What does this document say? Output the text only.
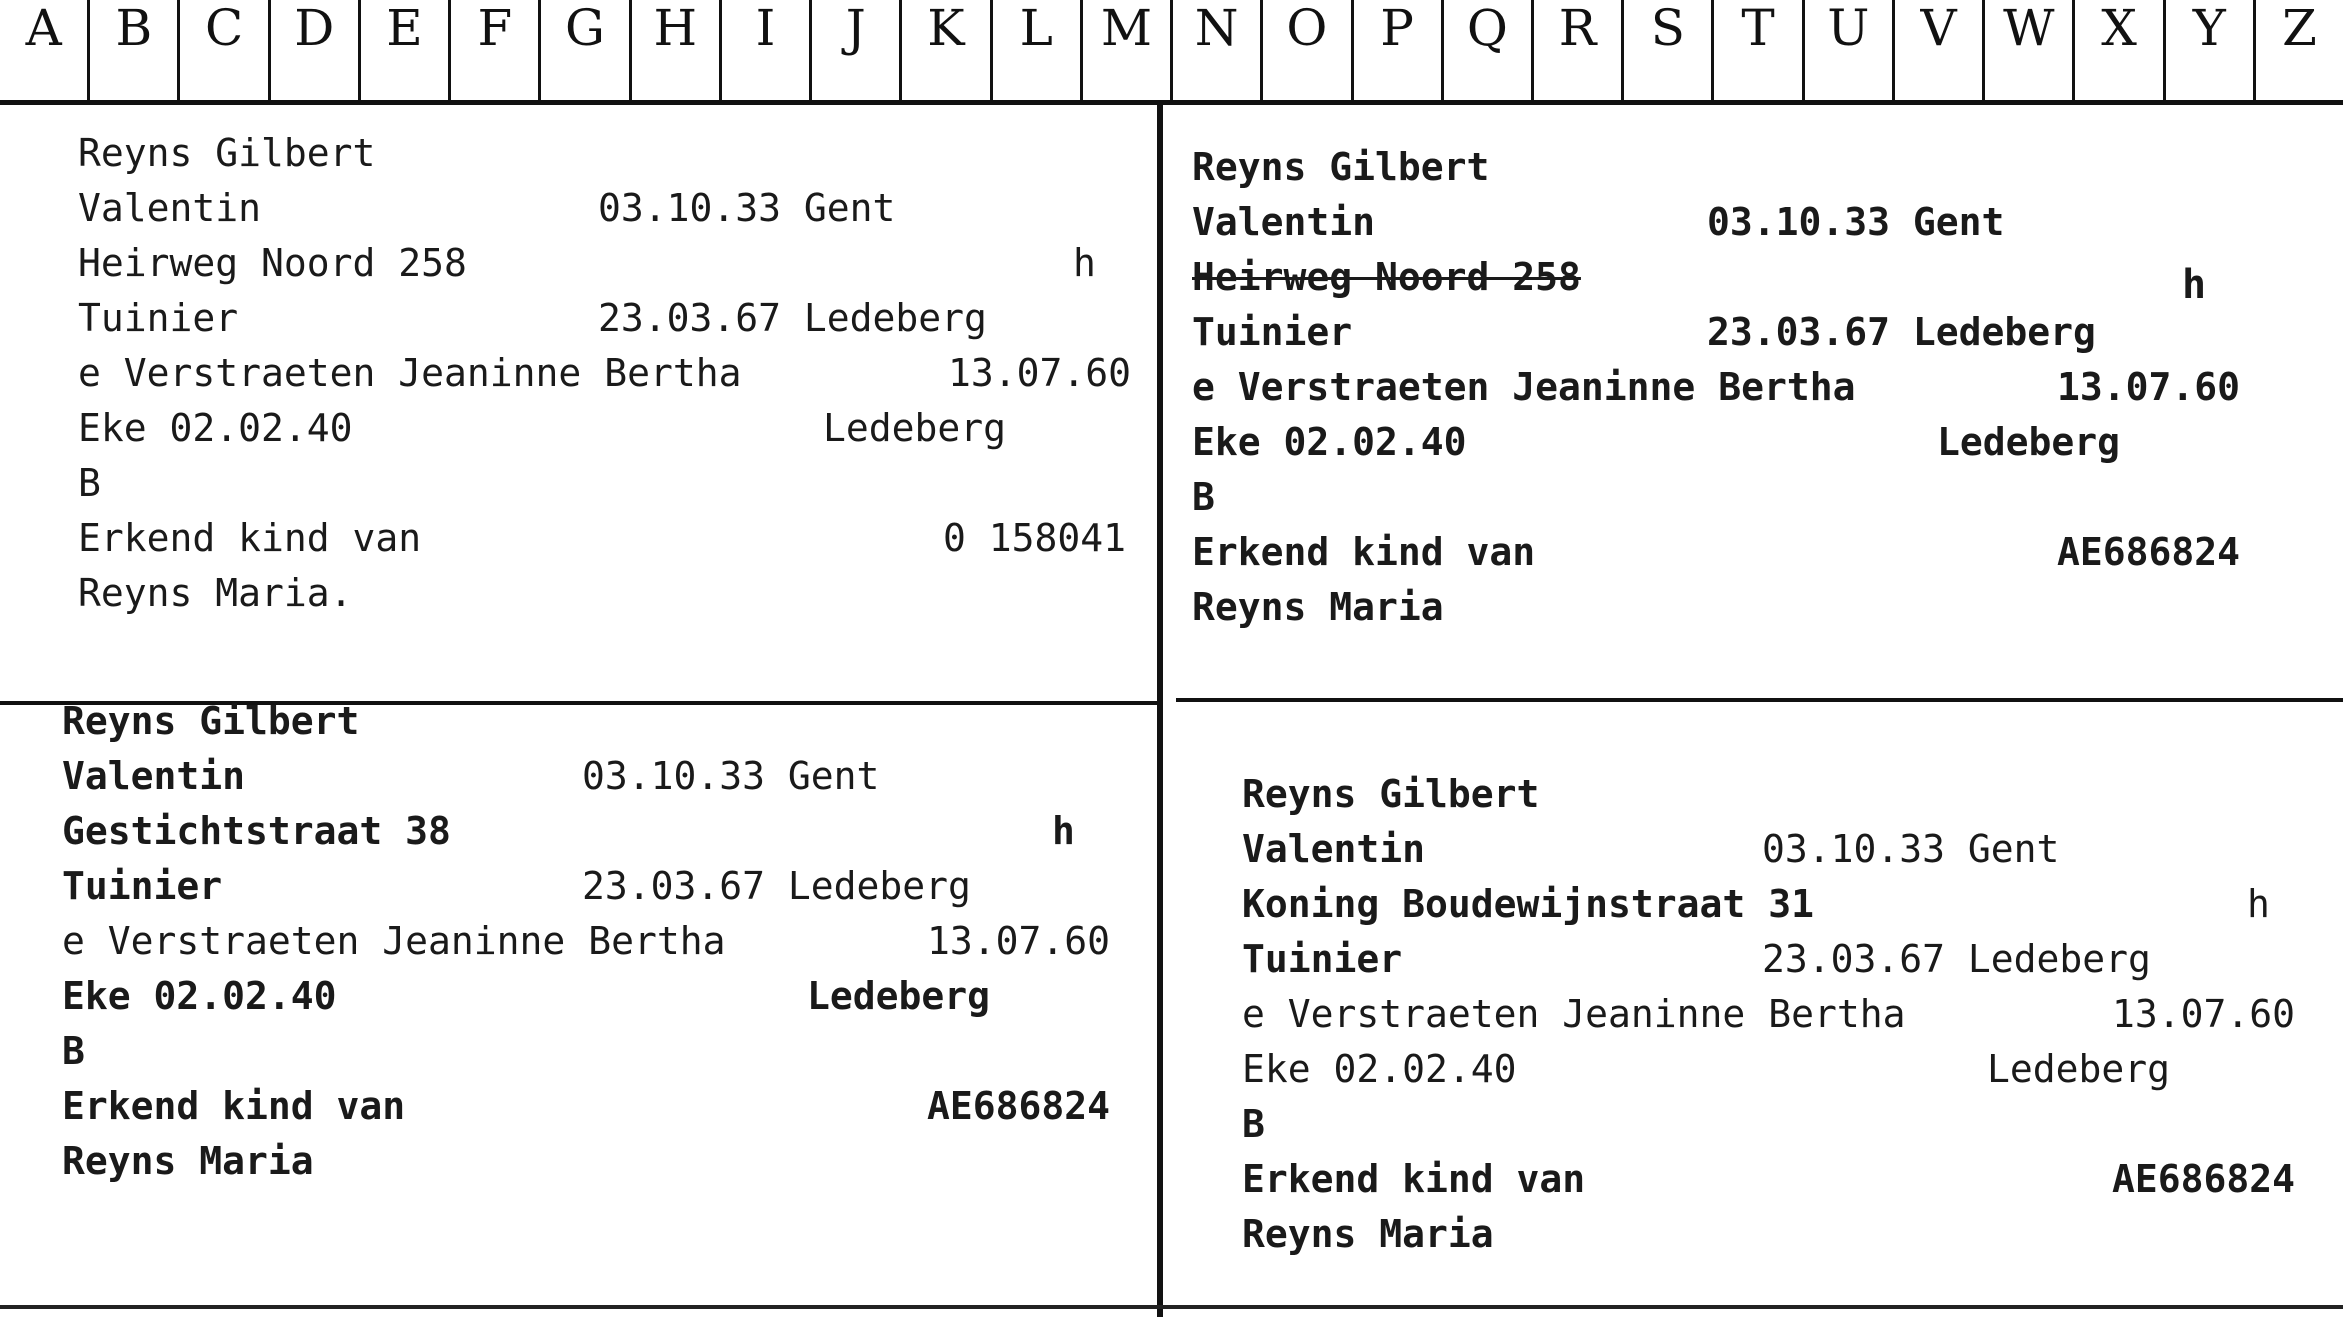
A	B	C	D	E	F	G H	I	J	K	L M N O	P	Q	R	S	T	U	V W X	Y	Z
Reyns Gilbert
Valentin	03.10.33 Gent
Heirweg Noord 258	h
Tuinier	23.03.67 Ledeberg
e Verstraeten Jeaninne Bertha	13.07.60
Eke 02.02.40	Ledeberg
B
Erkend kind van	0 158041
Reyns Maria.
Reyns Gilbert
Valentin	03.10.33 Gent
Heirweg Noord 258	h
Tuinier	23.03.67 Ledeberg
e Verstraeten Jeaninne Bertha	13.07.60
Eke 02.02.40	Ledeberg
B
Erkend kind van	AE686824
Reyns Maria
Reyns Gilbert
Valentin	03.10.33 Gent
Gestichtstraat 38	h
Tuinier	23.03.67 Ledeberg
e Verstraeten Jeaninne Bertha	13.07.60
Eke 02.02.40	Ledeberg
B
Erkend kind van	AE686824
Reyns Maria
Reyns Gilbert
Valentin	03.10.33 Gent
Koning Boudewijnstraat 31	h
Tuinier	23.03.67 Ledeberg
e Verstraeten Jeaninne Bertha	13.07.60
Eke 02.02.40	Ledeberg
B
Erkend kind van	AE686824
Reyns Maria
